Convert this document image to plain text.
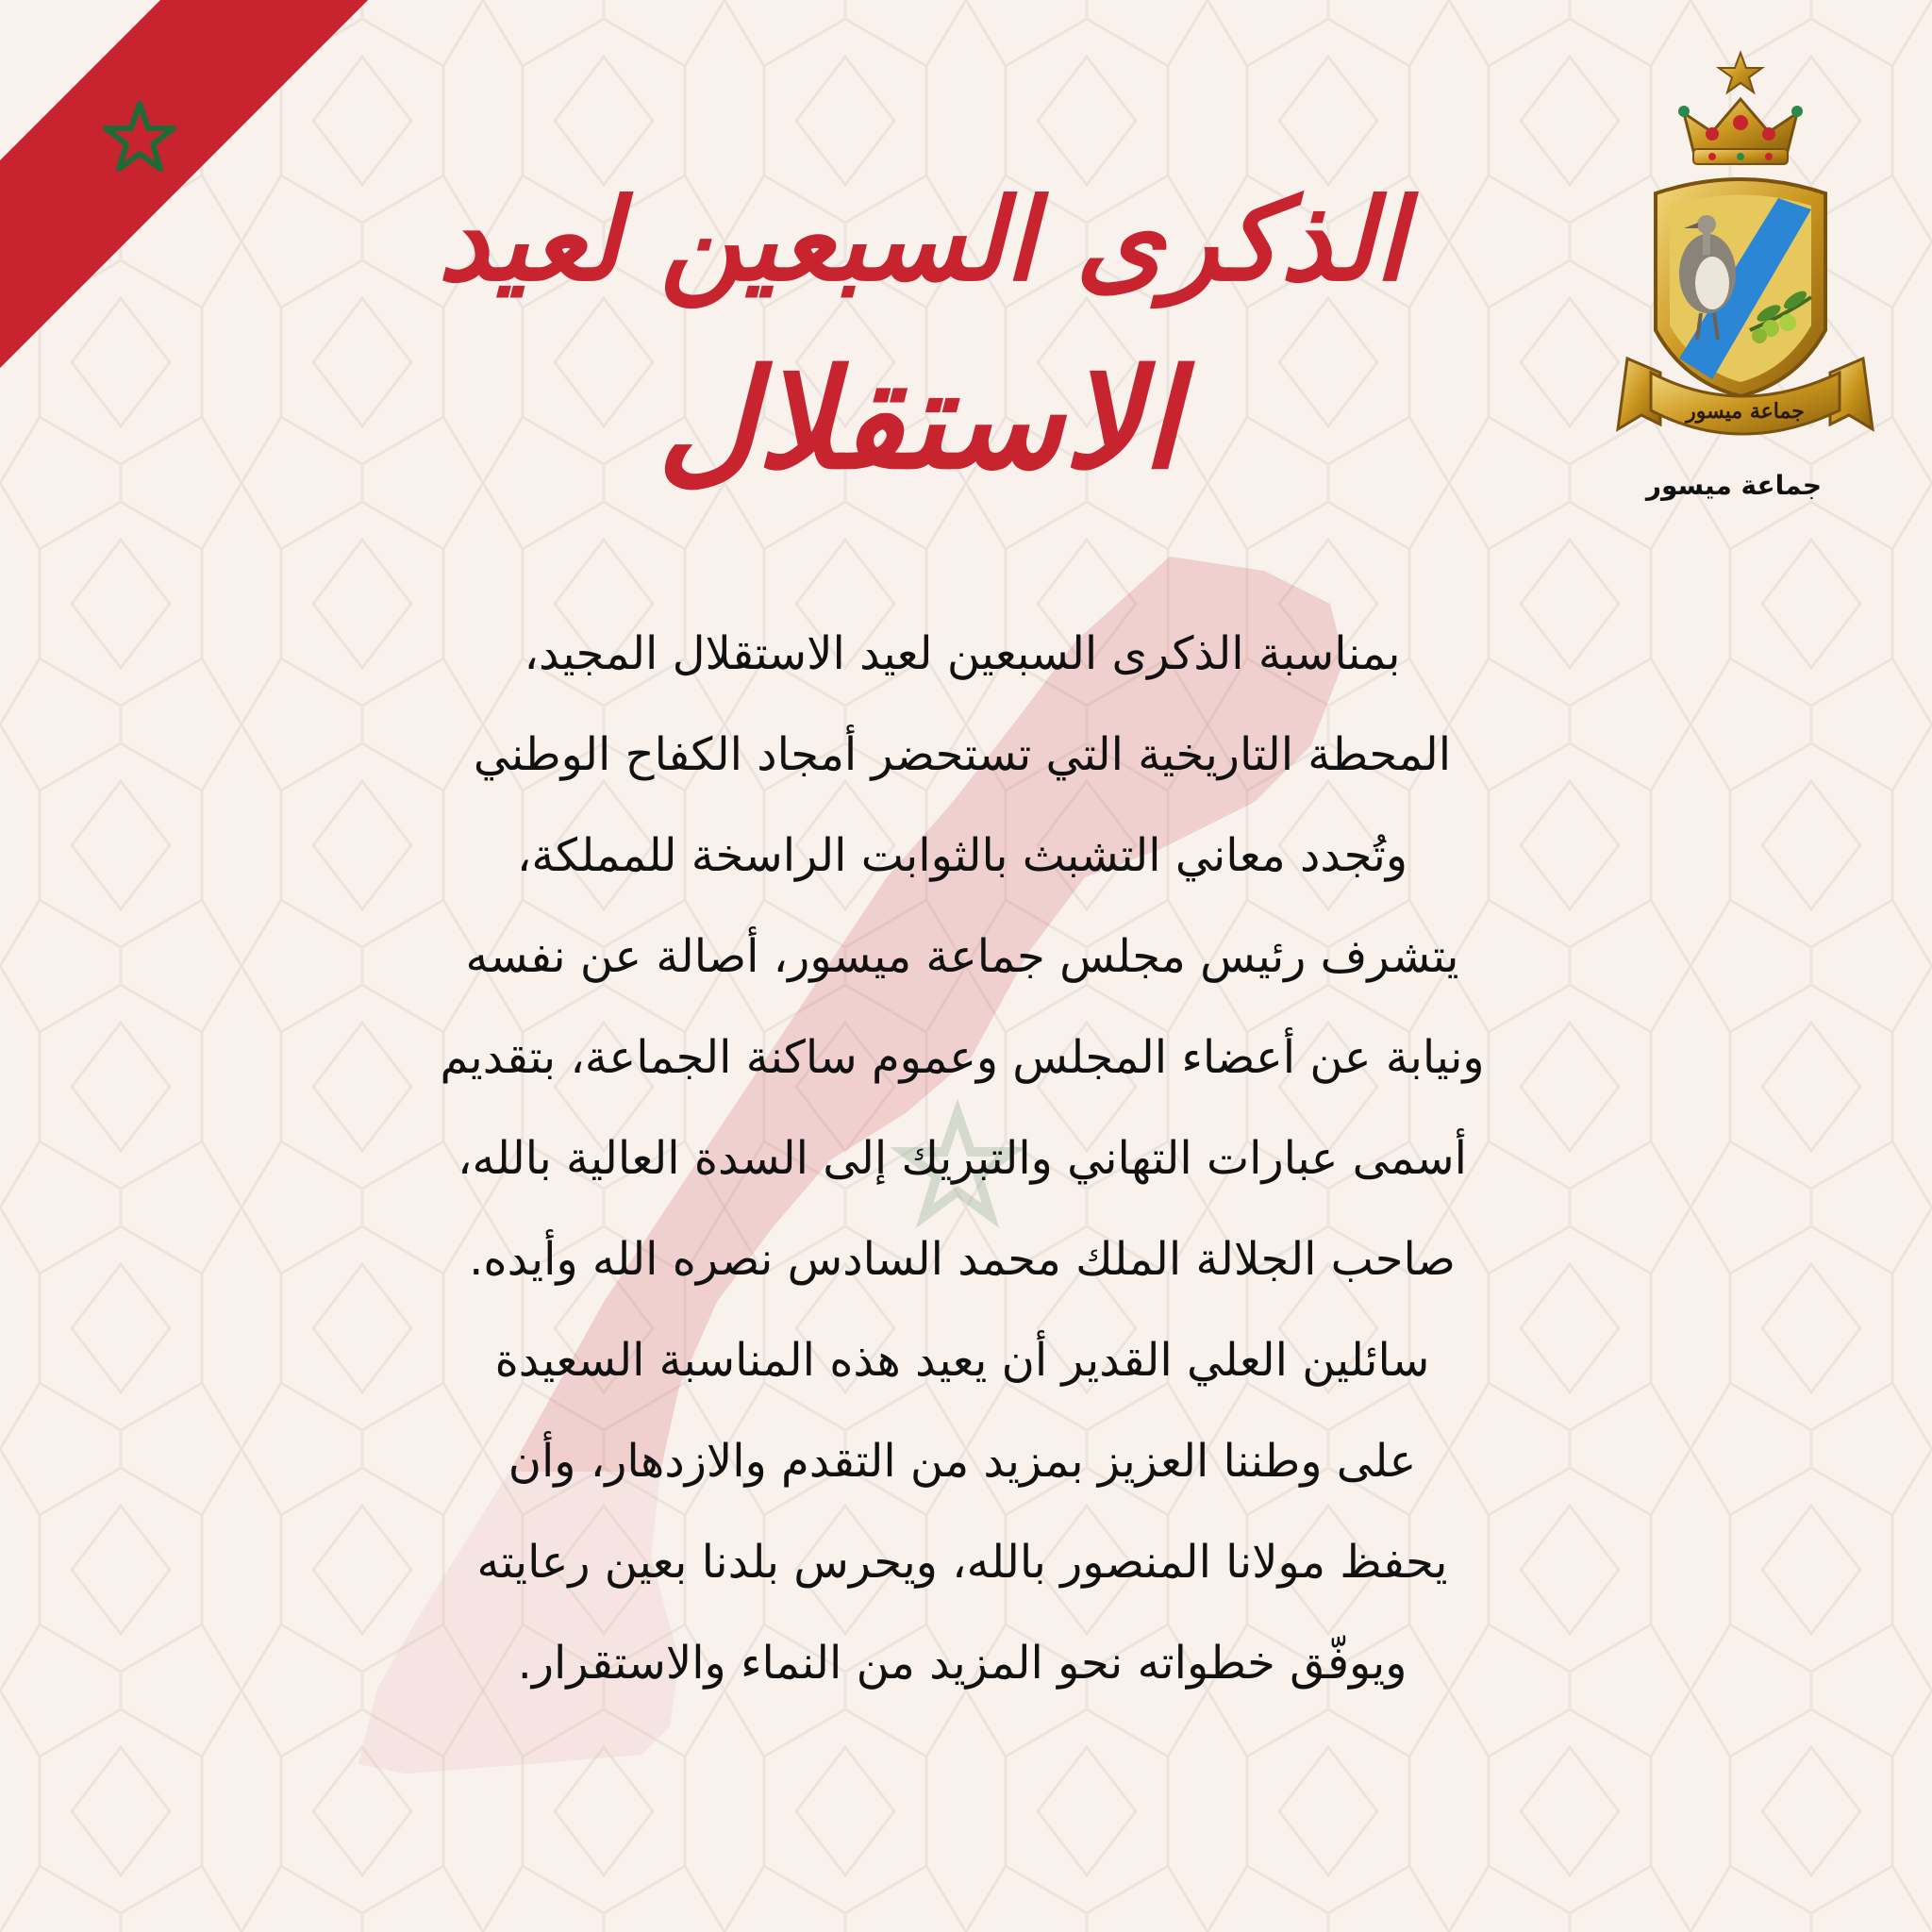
الذكرى السبعين لعيد
الاستقلال	جماعة ميسور
جماعة ميسور
بمناسبة الذكرى السبعين لعيد الاستقلال المجيد،
المحطة التاريخية التي تستحضر أمجاد الكفاح الوطني
وتُجدد معاني التشبث بالثوابت الراسخة للمملكة،
يتشرف رئيس مجلس جماعة ميسور، أصالة عن نفسه
ونيابة عن أعضاء المجلس وعموم ساكنة الجماعة، بتقديم
أسمى عبارات التهاني والتبريك إلى السدة العالية بالله،
صاحب الجلالة الملك محمد السادس نصره الله وأيده.
سائلين العلي القدير أن يعيد هذه المناسبة السعيدة
على وطننا العزيز بمزيد من التقدم والازدهار، وأن
يحفظ مولانا المنصور بالله، ويحرس بلدنا بعين رعايته
ويوفّق خطواته نحو المزيد من النماء والاستقرار.
